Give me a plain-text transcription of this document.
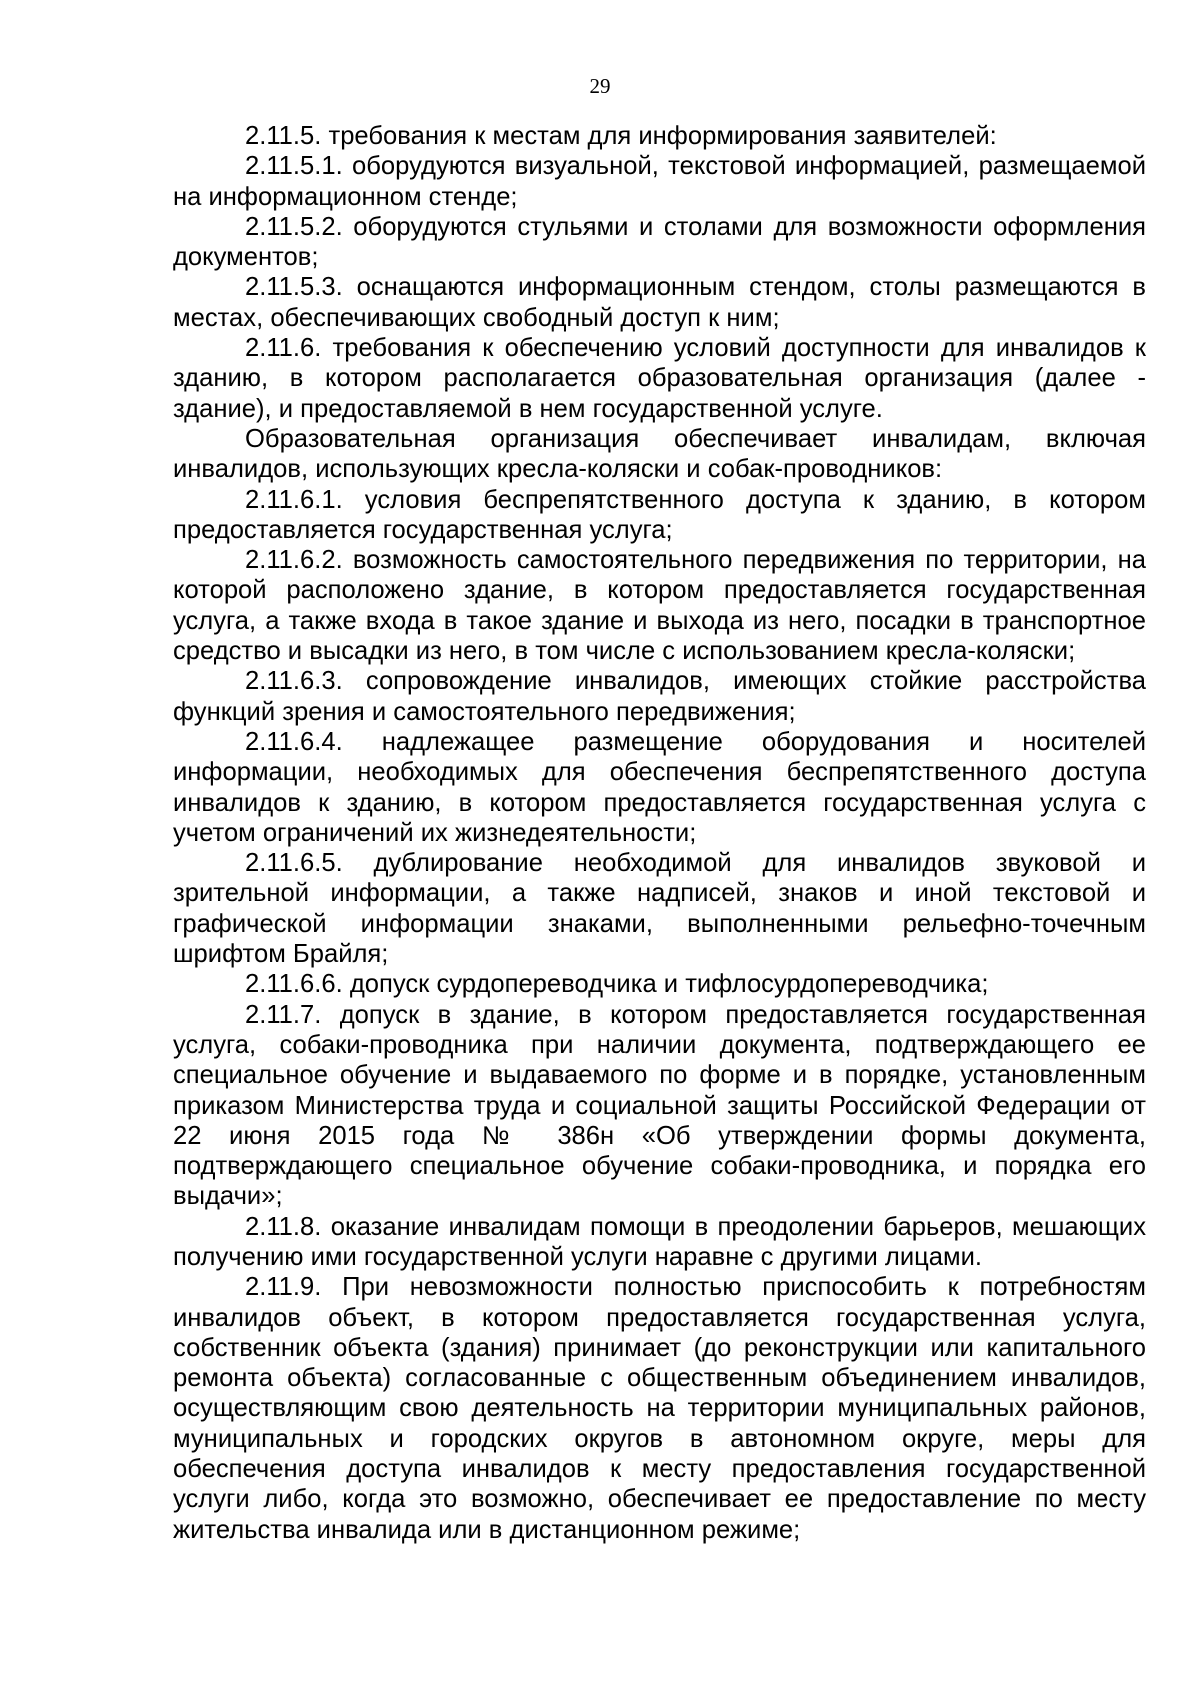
29

2.11.5. требования к местам для информирования заявителей:

2.11.5.1. оборудуются визуальной, текстовой информацией, размещаемой на информационном стенде;

2.11.5.2. оборудуются стульями и столами для возможности оформления документов;

2.11.5.3. оснащаются информационным стендом, столы размещаются в местах, обеспечивающих свободный доступ к ним;

2.11.6. требования к обеспечению условий доступности для инвалидов к зданию, в котором располагается образовательная организация (далее - здание), и предоставляемой в нем государственной услуге.

Образовательная организация обеспечивает инвалидам, включая инвалидов, использующих кресла-коляски и собак-проводников:

2.11.6.1. условия беспрепятственного доступа к зданию, в котором предоставляется государственная услуга;

2.11.6.2. возможность самостоятельного передвижения по территории, на которой расположено здание, в котором предоставляется государственная услуга, а также входа в такое здание и выхода из него, посадки в транспортное средство и высадки из него, в том числе с использованием кресла-коляски;

2.11.6.3. сопровождение инвалидов, имеющих стойкие расстройства функций зрения и самостоятельного передвижения;

2.11.6.4. надлежащее размещение оборудования и носителей информации, необходимых для обеспечения беспрепятственного доступа инвалидов к зданию, в котором предоставляется государственная услуга с учетом ограничений их жизнедеятельности;

2.11.6.5. дублирование необходимой для инвалидов звуковой и зрительной информации, а также надписей, знаков и иной текстовой и графической информации знаками, выполненными рельефно-точечным шрифтом Брайля;

2.11.6.6. допуск сурдопереводчика и тифлосурдопереводчика;

2.11.7. допуск в здание, в котором предоставляется государственная услуга, собаки-проводника при наличии документа, подтверждающего ее специальное обучение и выдаваемого по форме и в порядке, установленным приказом Министерства труда и социальной защиты Российской Федерации от 22 июня 2015 года № 386н «Об утверждении формы документа, подтверждающего специальное обучение собаки-проводника, и порядка его выдачи»;

2.11.8. оказание инвалидам помощи в преодолении барьеров, мешающих получению ими государственной услуги наравне с другими лицами.

2.11.9. При невозможности полностью приспособить к потребностям инвалидов объект, в котором предоставляется государственная услуга, собственник объекта (здания) принимает (до реконструкции или капитального ремонта объекта) согласованные с общественным объединением инвалидов, осуществляющим свою деятельность на территории муниципальных районов, муниципальных и городских округов в автономном округе, меры для обеспечения доступа инвалидов к месту предоставления государственной услуги либо, когда это возможно, обеспечивает ее предоставление по месту жительства инвалида или в дистанционном режиме;
